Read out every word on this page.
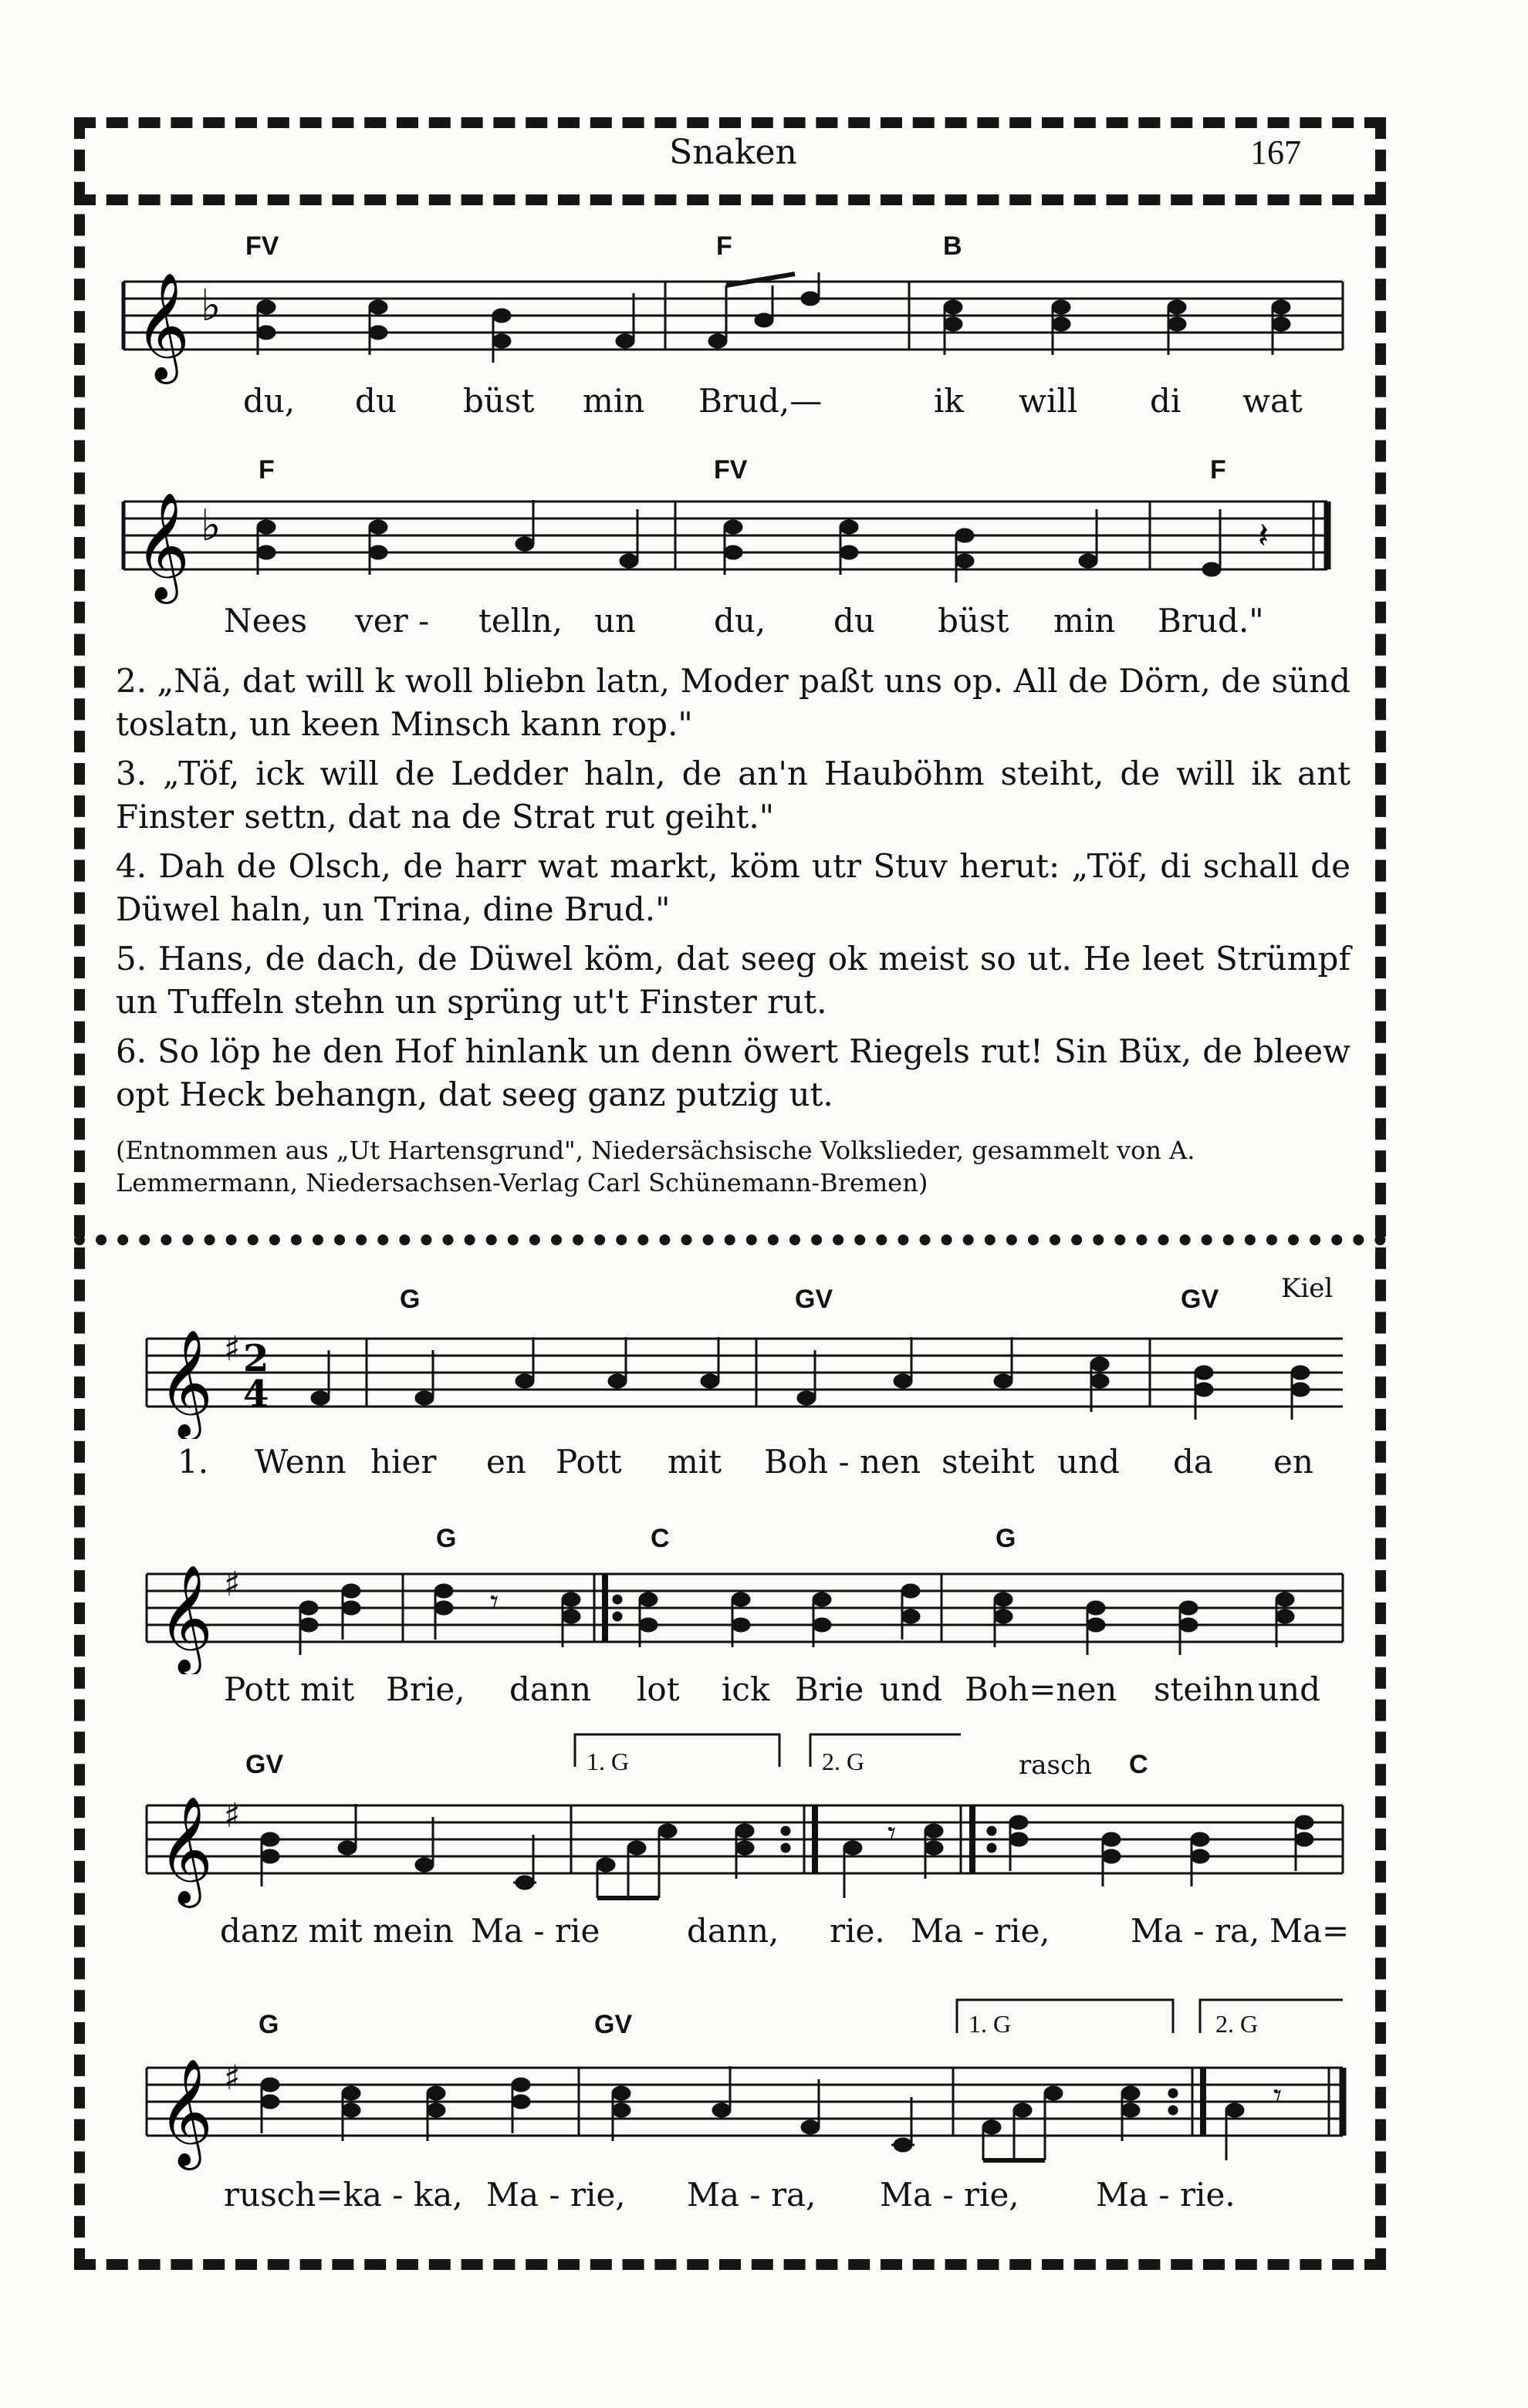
Snaken	167
FV	F	B
𝄞 ♭
du, du büst min Brud,—	ik will di wat
F	FV	F
𝄞 ♭	𝄽
Nees ver - telln, un du, du büst min Brud."

2. „Nä, dat will k woll bliebn latn, Moder paßt uns op. All de Dörn, de sünd toslatn, un keen Minsch kann rop."

3. „Töf, ick will de Ledder haln, de an'n Hauböhm steiht, de will ik ant Finster settn, dat na de Strat rut geiht."

4. Dah de Olsch, de harr wat markt, köm utr Stuv herut: „Töf, di schall de Düwel haln, un Trina, dine Brud."

5. Hans, de dach, de Düwel köm, dat seeg ok meist so ut. He leet Strümpf un Tuffeln stehn un sprüng ut't Finster rut.

6. So löp he den Hof hinlank un denn öwert Riegels rut! Sin Büx, de bleew opt Heck behangn, dat seeg ganz putzig ut.

(Entnommen aus „Ut Hartensgrund", Niedersächsische Volkslieder, gesammelt von A. Lemmermann, Niedersachsen-Verlag Carl Schünemann-Bremen)
G	GV	GV Kiel
𝄞 ♯ 2
4
1. Wenn hier en Pott mit Boh - nen steiht und da en
G	C	G
𝄞 ♯	𝄾
Pott mit Brie, dann lot ick Brie und Boh=nen steihn und
GV	1. G	2. G	rasch C
𝄞 ♯	𝄾
danz mit mein Ma - rie	dann, rie. Ma - rie, Ma - ra, Ma=
G	GV	1. G	2. G
𝄞 ♯	𝄾
rusch=ka - ka, Ma - rie, Ma - ra, Ma - rie, Ma - rie.
